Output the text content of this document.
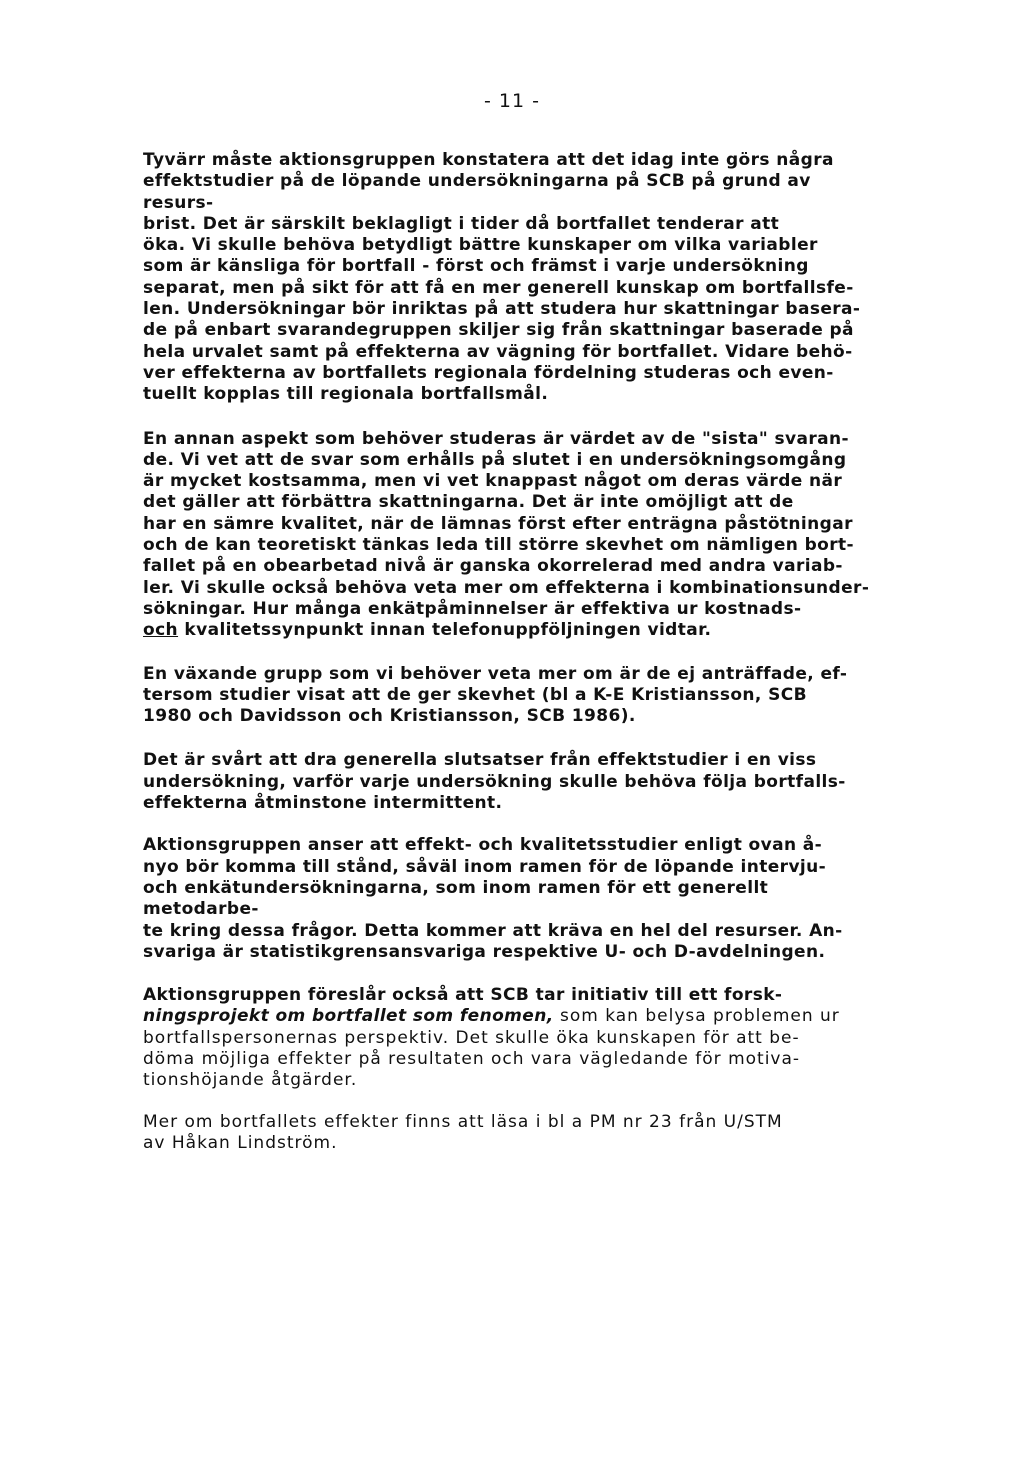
- 11 -

Tyvärr måste aktionsgruppen konstatera att det idag inte görs några
effektstudier på de löpande undersökningarna på SCB på grund av resurs-
brist. Det är särskilt beklagligt i tider då bortfallet tenderar att
öka. Vi skulle behöva betydligt bättre kunskaper om vilka variabler
som är känsliga för bortfall - först och främst i varje undersökning
separat, men på sikt för att få en mer generell kunskap om bortfallsfe-
len. Undersökningar bör inriktas på att studera hur skattningar basera-
de på enbart svarandegruppen skiljer sig från skattningar baserade på
hela urvalet samt på effekterna av vägning för bortfallet. Vidare behö-
ver effekterna av bortfallets regionala fördelning studeras och even-
tuellt kopplas till regionala bortfallsmål.

En annan aspekt som behöver studeras är värdet av de "sista" svaran-
de. Vi vet att de svar som erhålls på slutet i en undersökningsomgång
är mycket kostsamma, men vi vet knappast något om deras värde när
det gäller att förbättra skattningarna. Det är inte omöjligt att de
har en sämre kvalitet, när de lämnas först efter enträgna påstötningar
och de kan teoretiskt tänkas leda till större skevhet om nämligen bort-
fallet på en obearbetad nivå är ganska okorrelerad med andra variab-
ler. Vi skulle också behöva veta mer om effekterna i kombinationsunder-
sökningar. Hur många enkätpåminnelser är effektiva ur kostnads-
och kvalitetssynpunkt innan telefonuppföljningen vidtar.

En växande grupp som vi behöver veta mer om är de ej anträffade, ef-
tersom studier visat att de ger skevhet (bl a K-E Kristiansson, SCB
1980 och Davidsson och Kristiansson, SCB 1986).

Det är svårt att dra generella slutsatser från effektstudier i en viss
undersökning, varför varje undersökning skulle behöva följa bortfalls-
effekterna åtminstone intermittent.

Aktionsgruppen anser att effekt- och kvalitetsstudier enligt ovan å-
nyo bör komma till stånd, såväl inom ramen för de löpande intervju-
och enkätundersökningarna, som inom ramen för ett generellt metodarbe-
te kring dessa frågor. Detta kommer att kräva en hel del resurser. An-
svariga är statistikgrensansvariga respektive U- och D-avdelningen.

Aktionsgruppen föreslår också att SCB tar initiativ till ett forsk-
ningsprojekt om bortfallet som fenomen, som kan belysa problemen ur
bortfallspersonernas perspektiv. Det skulle öka kunskapen för att be-
döma möjliga effekter på resultaten och vara vägledande för motiva-
tionshöjande åtgärder.

Mer om bortfallets effekter finns att läsa i bl a PM nr 23 från U/STM
av Håkan Lindström.
